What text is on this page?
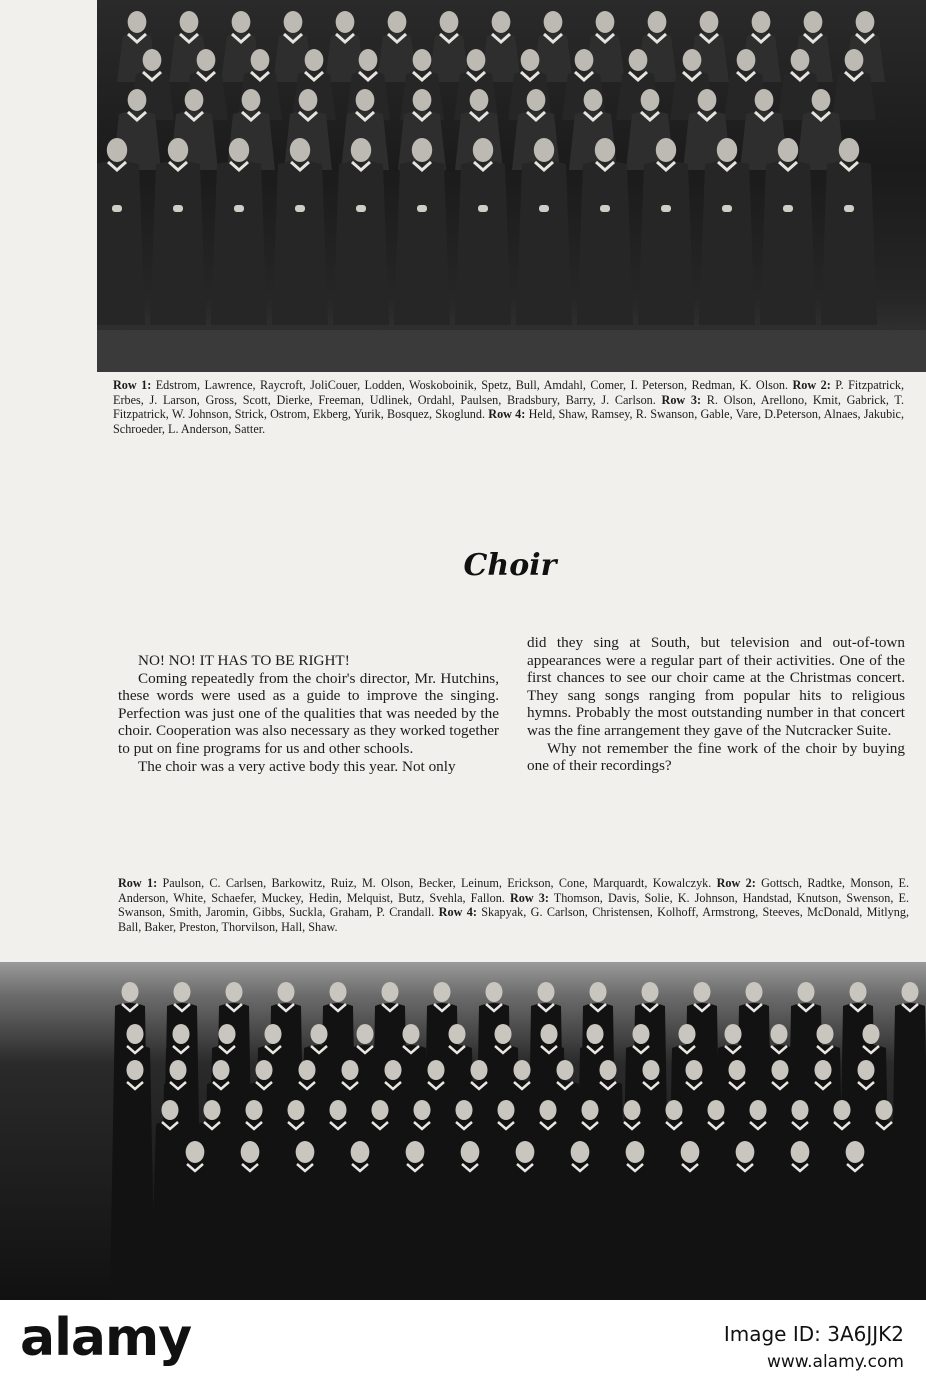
Row 1: Edstrom, Lawrence, Raycroft, JoliCouer, Lodden, Woskoboinik, Spetz, Bull, Amdahl, Comer, I. Peterson, Redman, K. Olson. Row 2: P. Fitzpatrick, Erbes, J. Larson, Gross, Scott, Dierke, Freeman, Udlinek, Ordahl, Paulsen, Bradsbury, Barry, J. Carlson. Row 3: R. Olson, Arellono, Kmit, Gabrick, T. Fitzpatrick, W. Johnson, Strick, Ostrom, Ekberg, Yurik, Bosquez, Skoglund. Row 4: Held, Shaw, Ramsey, R. Swanson, Gable, Vare, D.Peterson, Alnaes, Jakubic, Schroeder, L. Anderson, Satter.
Choir

NO! NO! IT HAS TO BE RIGHT!

Coming repeatedly from the choir's director, Mr. Hutchins, these words were used as a guide to improve the singing. Perfection was just one of the qualities that was needed by the choir. Cooperation was also necessary as they worked together to put on fine programs for us and other schools.

The choir was a very active body this year. Not only

did they sing at South, but television and out-of-town appearances were a regular part of their activities. One of the first chances to see our choir came at the Christmas concert. They sang songs ranging from popular hits to religious hymns. Probably the most outstanding number in that concert was the fine arrangement they gave of the Nutcracker Suite.

Why not remember the fine work of the choir by buying one of their recordings?

Row 1: Paulson, C. Carlsen, Barkowitz, Ruiz, M. Olson, Becker, Leinum, Erickson, Cone, Marquardt, Kowalczyk. Row 2: Gottsch, Radtke, Monson, E. Anderson, White, Schaefer, Muckey, Hedin, Melquist, Butz, Svehla, Fallon. Row 3: Thomson, Davis, Solie, K. Johnson, Handstad, Knutson, Swenson, E. Swanson, Smith, Jaromin, Gibbs, Suckla, Graham, P. Crandall. Row 4: Skapyak, G. Carlson, Christensen, Kolhoff, Armstrong, Steeves, McDonald, Mitlyng, Ball, Baker, Preston, Thorvilson, Hall, Shaw.
alamy	Image ID: 3A6JJK2
www.alamy.com
